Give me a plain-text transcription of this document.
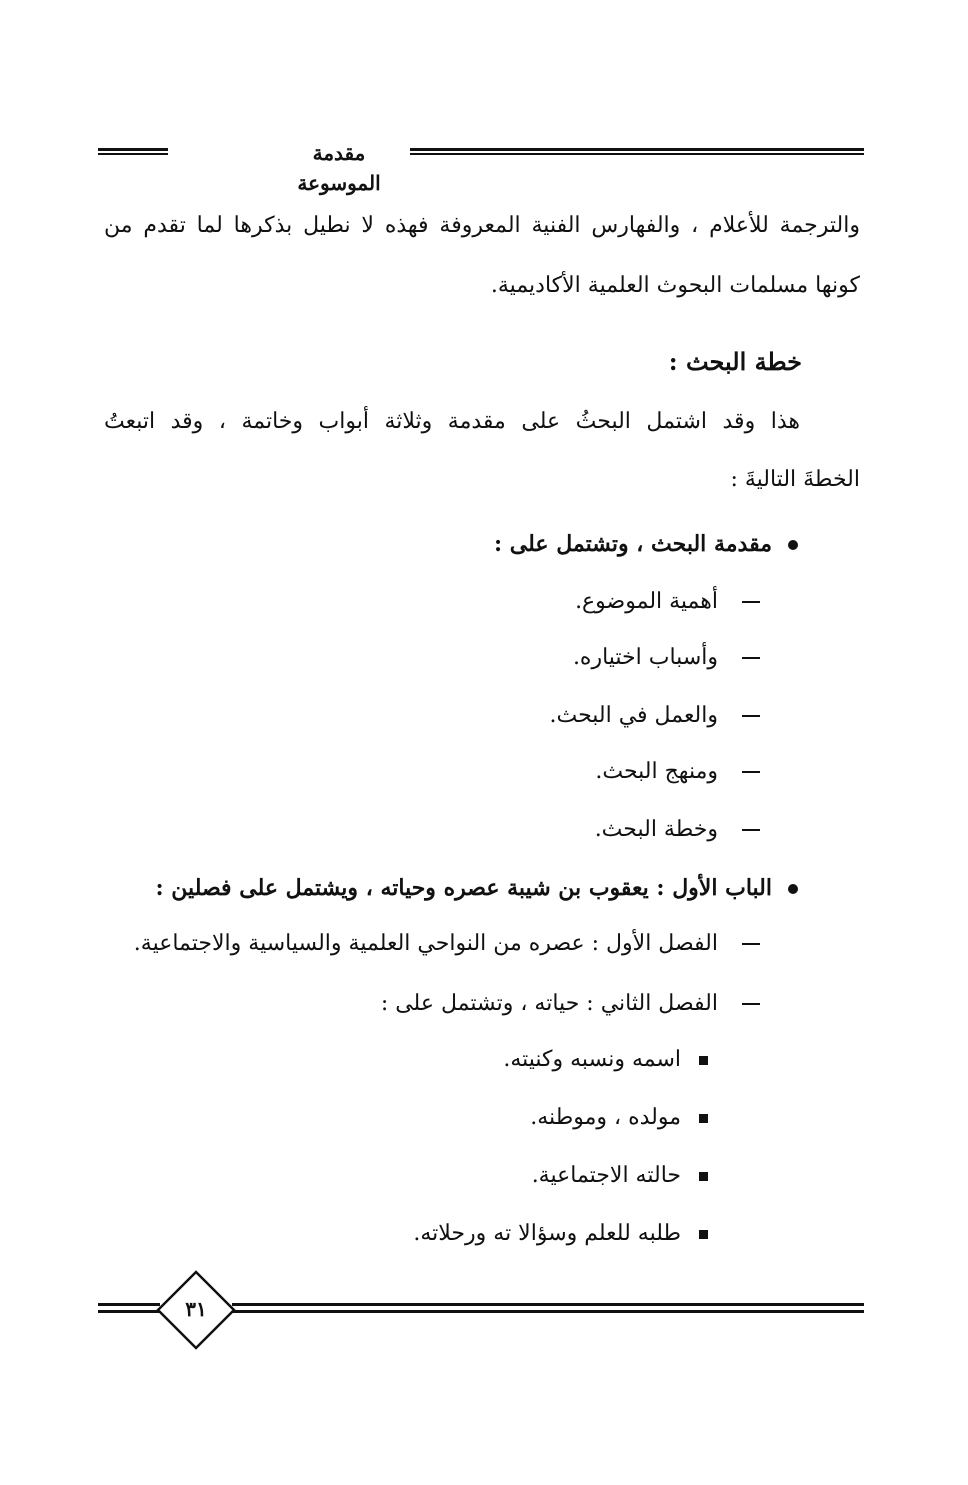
مقدمة الموسوعة
والترجمة للأعلام ، والفهارس الفنية المعروفة فهذه لا نطيل بذكرها لما تقدم من
كونها مسلمات البحوث العلمية الأكاديمية.
خطة البحث :
هذا وقد اشتمل البحثُ على مقدمة وثلاثة أبواب وخاتمة ، وقد اتبعتُ
الخطةَ التاليةَ :
مقدمة البحث ، وتشتمل على :
أهمية الموضوع.
وأسباب اختياره.
والعمل في البحث.
ومنهج البحث.
وخطة البحث.
الباب الأول : يعقوب بن شيبة عصره وحياته ، ويشتمل على فصلين :
الفصل الأول : عصره من النواحي العلمية والسياسية والاجتماعية.
الفصل الثاني : حياته ، وتشتمل على :
اسمه ونسبه وكنيته.
مولده ، وموطنه.
حالته الاجتماعية.
طلبه للعلم وسؤالا ته ورحلاته.
٣١
